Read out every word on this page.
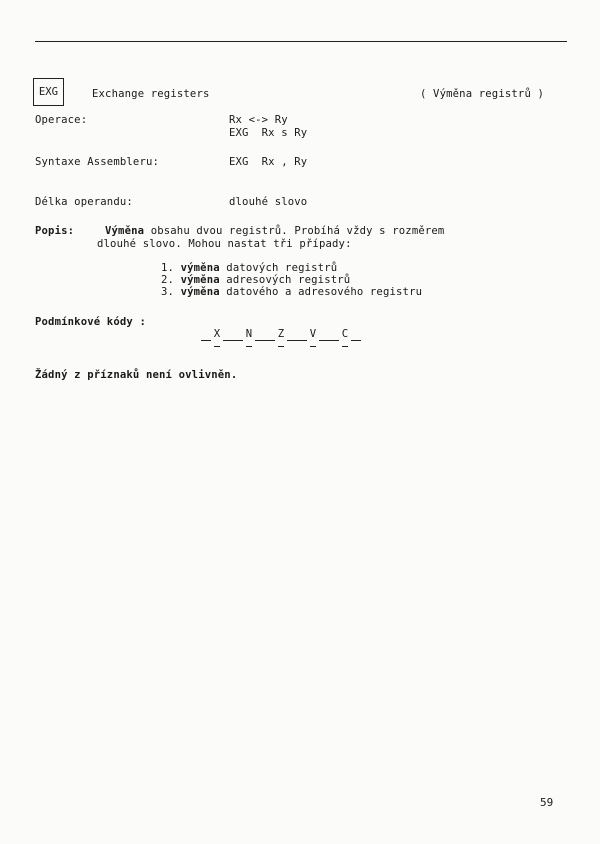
EXG	Exchange registers	( Výměna registrů )
Operace:	Rx <-> Ry
EXG  Rx s Ry
Syntaxe Assembleru:	EXG  Rx , Ry
Délka operandu:	dlouhé slovo
Popis:	Výměna obsahu dvou registrů. Probíhá vždy s rozměrem
dlouhé slovo. Mohou nastat tři případy:
1. výměna datových registrů
2. výměna adresových registrů
3. výměna datového a adresového registru
Podmínkové kódy :
X N Z V C
Žádný z příznaků není ovlivněn.
59
